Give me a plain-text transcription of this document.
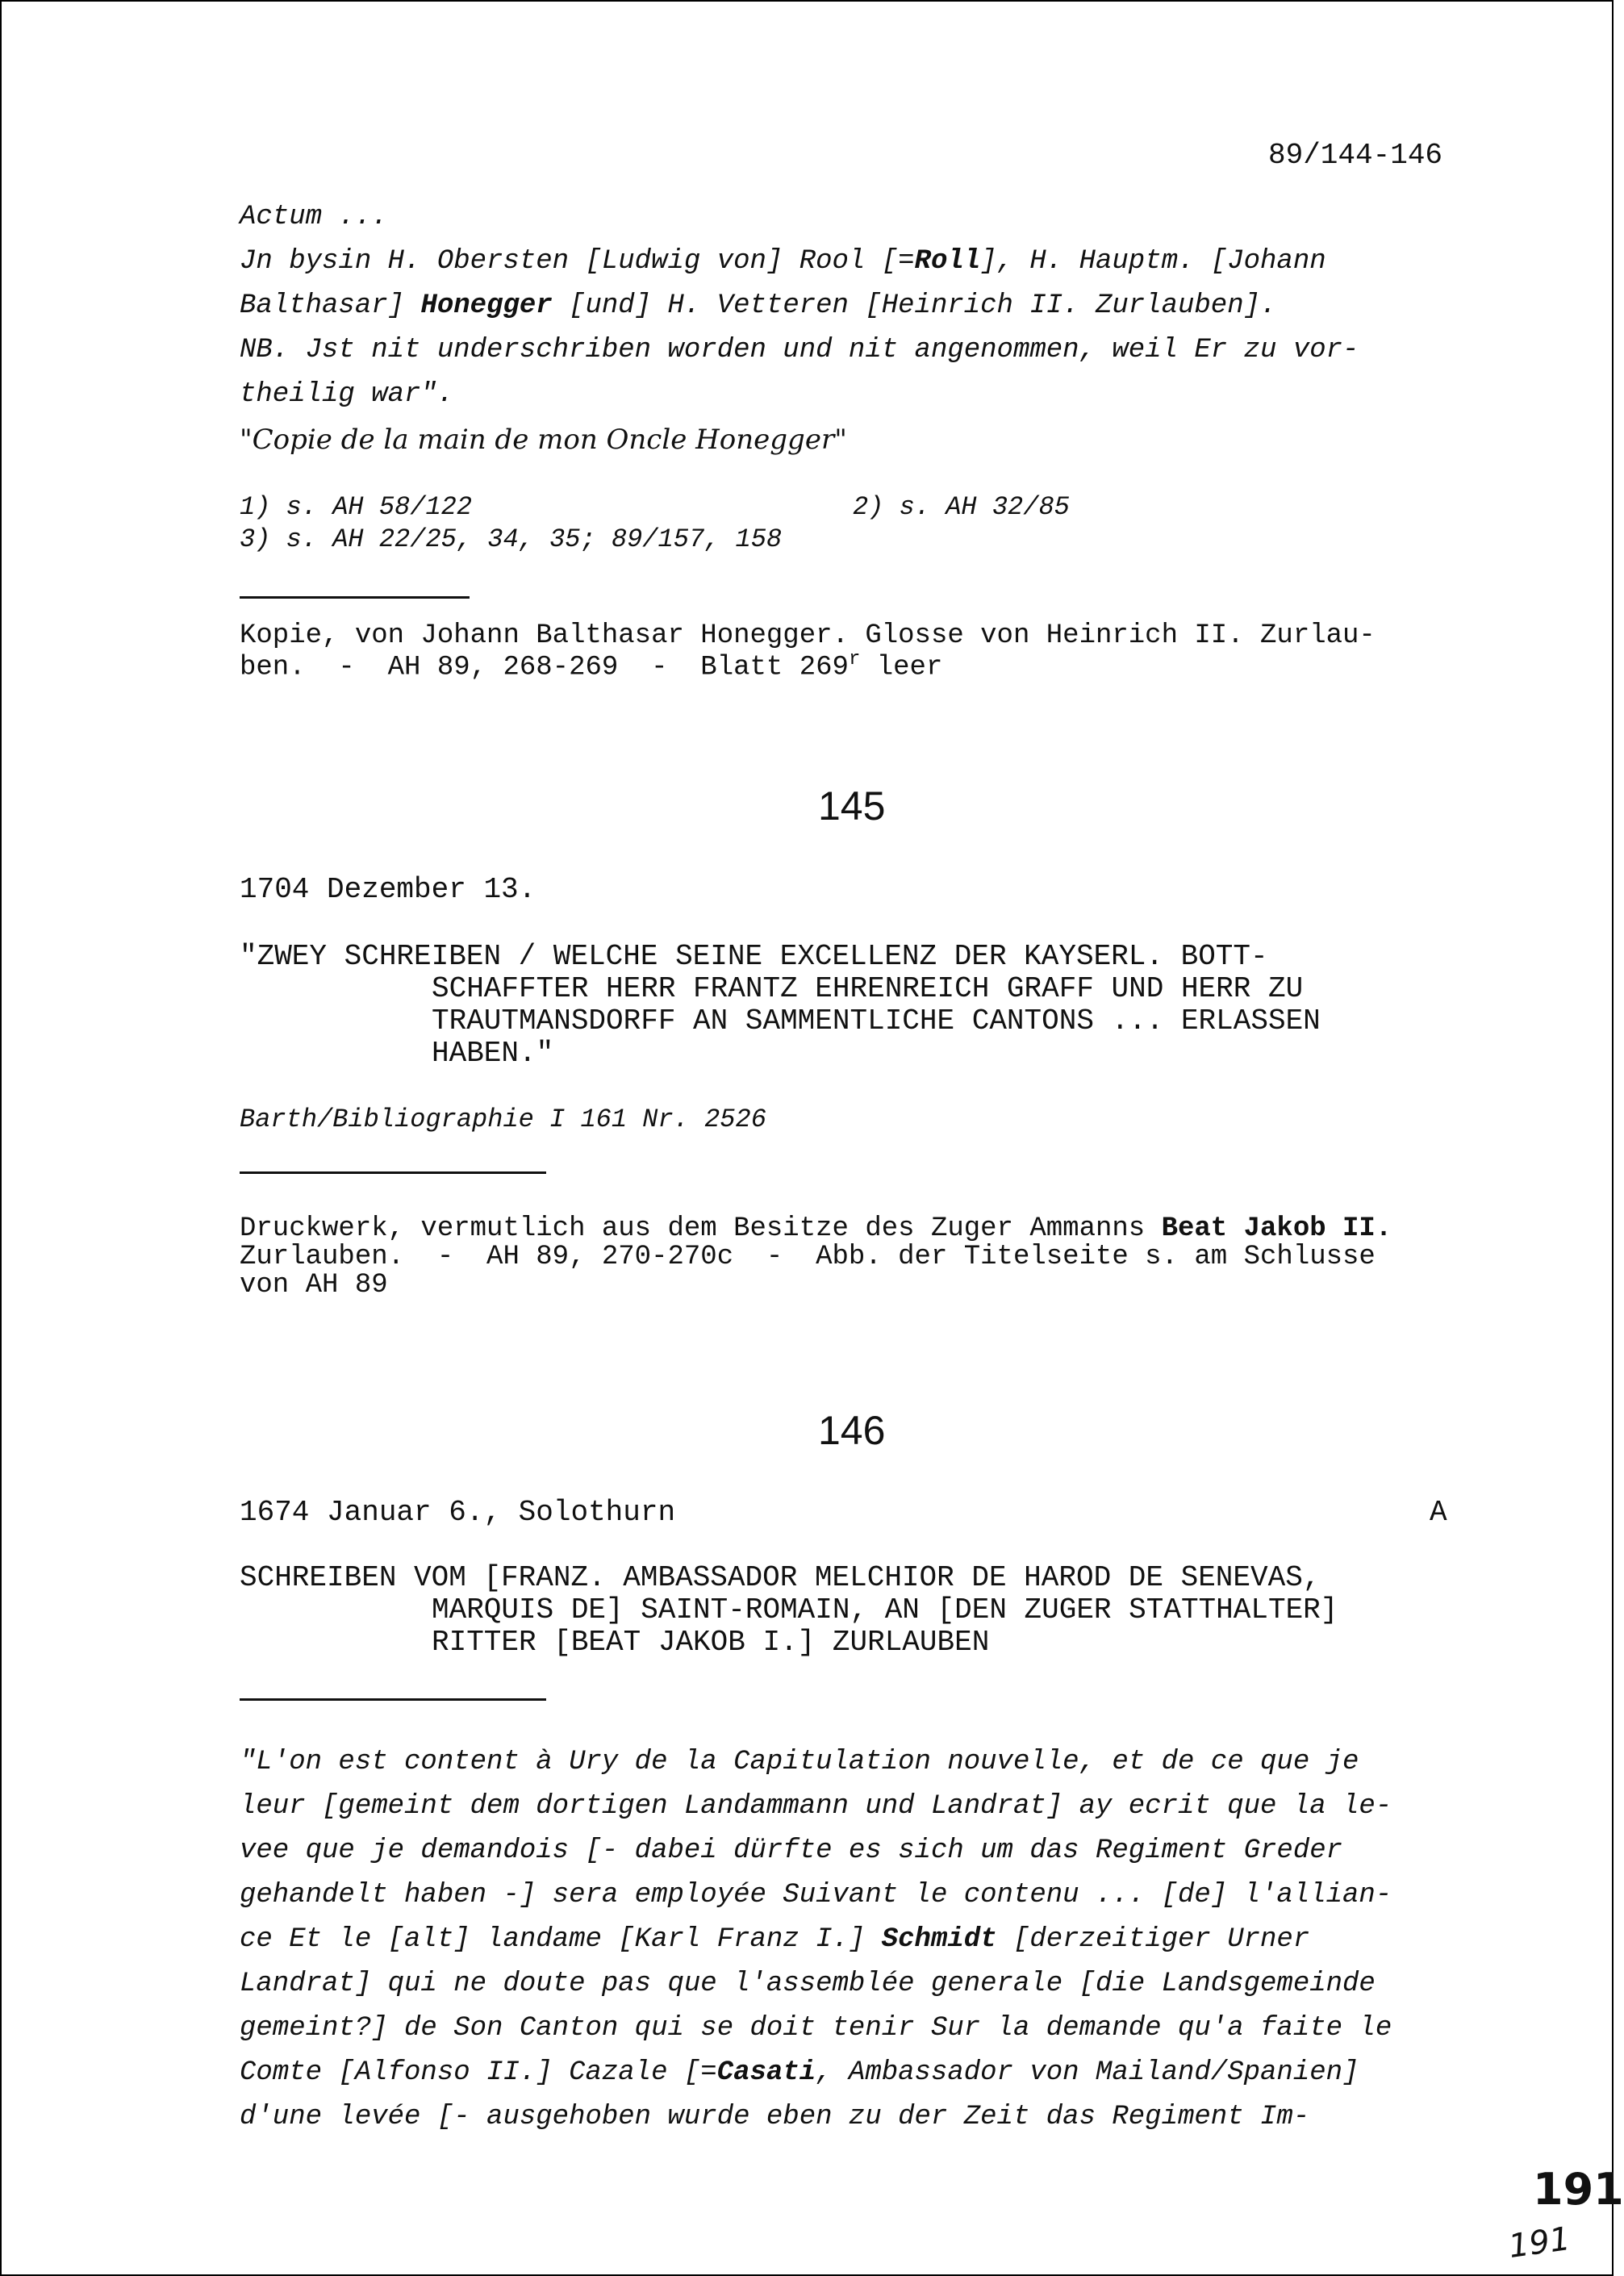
89/144-146
Actum ...
Jn bysin H. Obersten [Ludwig von] Rool [=Roll], H. Hauptm. [Johann
Balthasar] Honegger [und] H. Vetteren [Heinrich II. Zurlauben].
NB. Jst nit underschriben worden und nit angenommen, weil Er zu vor-
theilig war".
"Copie de la main de mon Oncle Honegger"
1) s. AH 58/122	2) s. AH 32/85
3) s. AH 22/25, 34, 35; 89/157, 158
Kopie, von Johann Balthasar Honegger. Glosse von Heinrich II. Zurlau-
ben.  -  AH 89, 268-269  -  Blatt 269$^r$ leer
145
1704 Dezember 13.
"ZWEY SCHREIBEN / WELCHE SEINE EXCELLENZ DER KAYSERL. BOTT-
SCHAFFTER HERR FRANTZ EHRENREICH GRAFF UND HERR ZU
TRAUTMANSDORFF AN SAMMENTLICHE CANTONS ... ERLASSEN
HABEN."
Barth/Bibliographie I 161 Nr. 2526
Druckwerk, vermutlich aus dem Besitze des Zuger Ammanns Beat Jakob II.
Zurlauben.  -  AH 89, 270-270c  -  Abb. der Titelseite s. am Schlusse
von AH 89
146
1674 Januar 6., Solothurn	A
SCHREIBEN VOM [FRANZ. AMBASSADOR MELCHIOR DE HAROD DE SENEVAS,
MARQUIS DE] SAINT-ROMAIN, AN [DEN ZUGER STATTHALTER]
RITTER [BEAT JAKOB I.] ZURLAUBEN
"L'on est content à Ury de la Capitulation nouvelle, et de ce que je
leur [gemeint dem dortigen Landammann und Landrat] ay ecrit que la le-
vee que je demandois [- dabei dürfte es sich um das Regiment Greder
gehandelt haben -] sera employée Suivant le contenu ... [de] l'allian-
ce Et le [alt] landame [Karl Franz I.] Schmidt [derzeitiger Urner
Landrat] qui ne doute pas que l'assemblée generale [die Landsgemeinde
gemeint?] de Son Canton qui se doit tenir Sur la demande qu'a faite le
Comte [Alfonso II.] Cazale [=Casati, Ambassador von Mailand/Spanien]
d'une levée [- ausgehoben wurde eben zu der Zeit das Regiment Im-
191
191
